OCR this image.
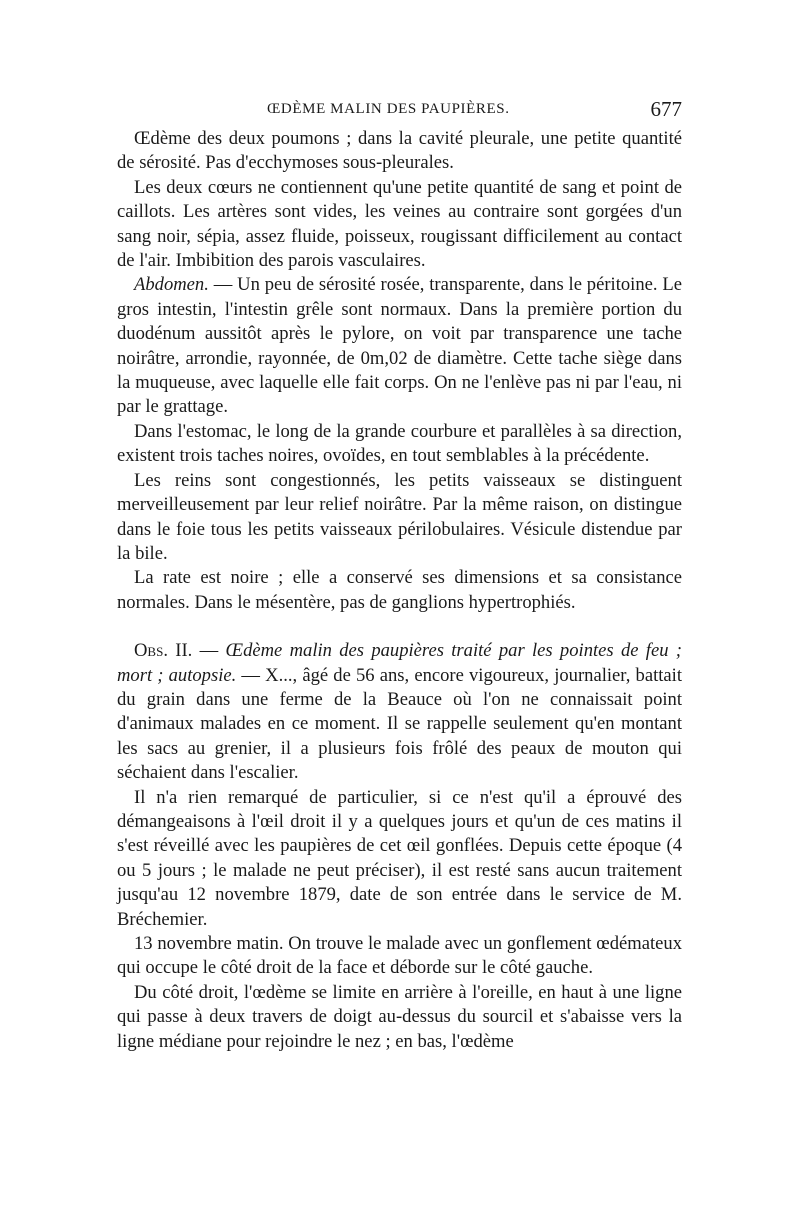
ŒDÈME MALIN DES PAUPIÈRES.	677

Œdème des deux poumons ; dans la cavité pleurale, une petite quantité de sérosité. Pas d'ecchymoses sous-pleurales.

Les deux cœurs ne contiennent qu'une petite quantité de sang et point de caillots. Les artères sont vides, les veines au contraire sont gorgées d'un sang noir, sépia, assez fluide, poisseux, rougissant difficilement au contact de l'air. Imbibition des parois vasculaires.

Abdomen. — Un peu de sérosité rosée, transparente, dans le péritoine. Le gros intestin, l'intestin grêle sont normaux. Dans la première portion du duodénum aussitôt après le pylore, on voit par transparence une tache noirâtre, arrondie, rayonnée, de 0m,02 de diamètre. Cette tache siège dans la muqueuse, avec laquelle elle fait corps. On ne l'enlève pas ni par l'eau, ni par le grattage.

Dans l'estomac, le long de la grande courbure et parallèles à sa direction, existent trois taches noires, ovoïdes, en tout semblables à la précédente.

Les reins sont congestionnés, les petits vaisseaux se distinguent merveilleusement par leur relief noirâtre. Par la même raison, on distingue dans le foie tous les petits vaisseaux périlobulaires. Vésicule distendue par la bile.

La rate est noire ; elle a conservé ses dimensions et sa consistance normales. Dans le mésentère, pas de ganglions hypertrophiés.

Obs. II. — Œdème malin des paupières traité par les pointes de feu ; mort ; autopsie. — X..., âgé de 56 ans, encore vigoureux, journalier, battait du grain dans une ferme de la Beauce où l'on ne connaissait point d'animaux malades en ce moment. Il se rappelle seulement qu'en montant les sacs au grenier, il a plusieurs fois frôlé des peaux de mouton qui séchaient dans l'escalier.

Il n'a rien remarqué de particulier, si ce n'est qu'il a éprouvé des démangeaisons à l'œil droit il y a quelques jours et qu'un de ces matins il s'est réveillé avec les paupières de cet œil gonflées. Depuis cette époque (4 ou 5 jours ; le malade ne peut préciser), il est resté sans aucun traitement jusqu'au 12 novembre 1879, date de son entrée dans le service de M. Bréchemier.

13 novembre matin. On trouve le malade avec un gonflement œdémateux qui occupe le côté droit de la face et déborde sur le côté gauche.

Du côté droit, l'œdème se limite en arrière à l'oreille, en haut à une ligne qui passe à deux travers de doigt au-dessus du sourcil et s'abaisse vers la ligne médiane pour rejoindre le nez ; en bas, l'œdème
